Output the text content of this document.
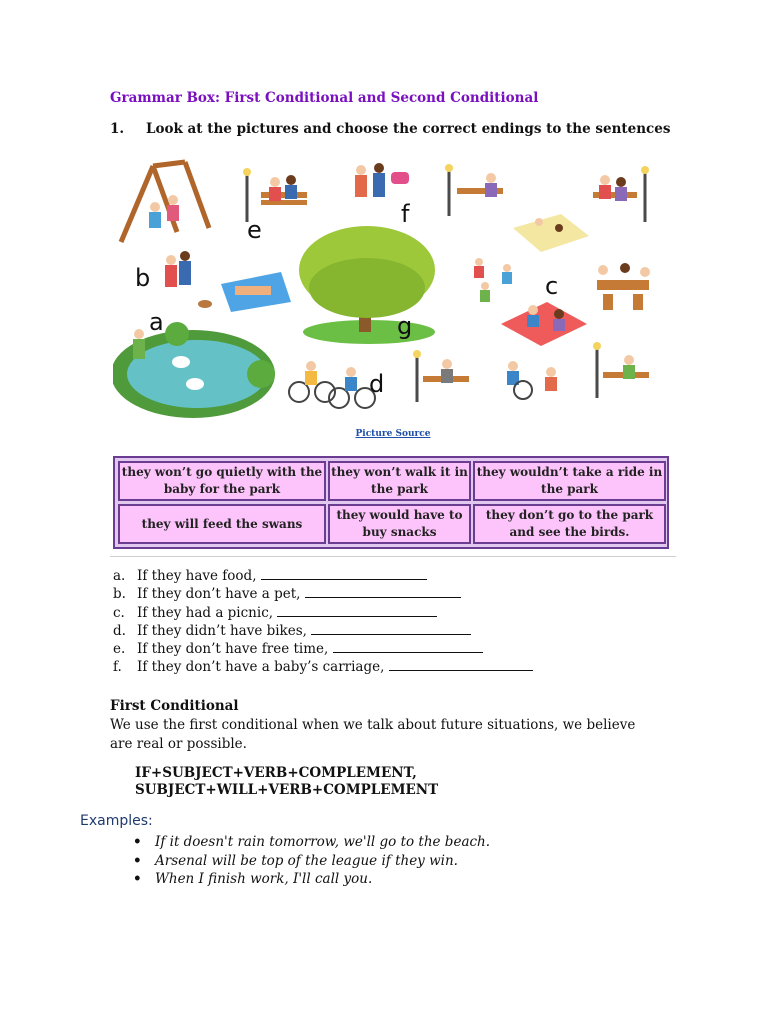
Grammar Box: First Conditional and Second Conditional
1. Look at the pictures and choose the correct endings to the sentences
a
b	c
d
e
f
g
Picture Source
they won’t go quietly with the baby for the park
they won’t walk it in the park
they wouldn’t take a ride in the park
they will feed the swans
they would have to buy snacks
they don’t go to the park and see the birds.
a. If they have food,
b. If they don’t have a pet,
c. If they had a picnic,
d. If they didn’t have bikes,
e. If they don’t have free time,
f. If they don’t have a baby’s carriage,
First Conditional
We use the first conditional when we talk about future situations, we believe are real or possible.
IF+SUBJECT+VERB+COMPLEMENT,
SUBJECT+WILL+VERB+COMPLEMENT
Examples:
• If it doesn't rain tomorrow, we'll go to the beach.
• Arsenal will be top of the league if they win.
• When I finish work, I'll call you.
